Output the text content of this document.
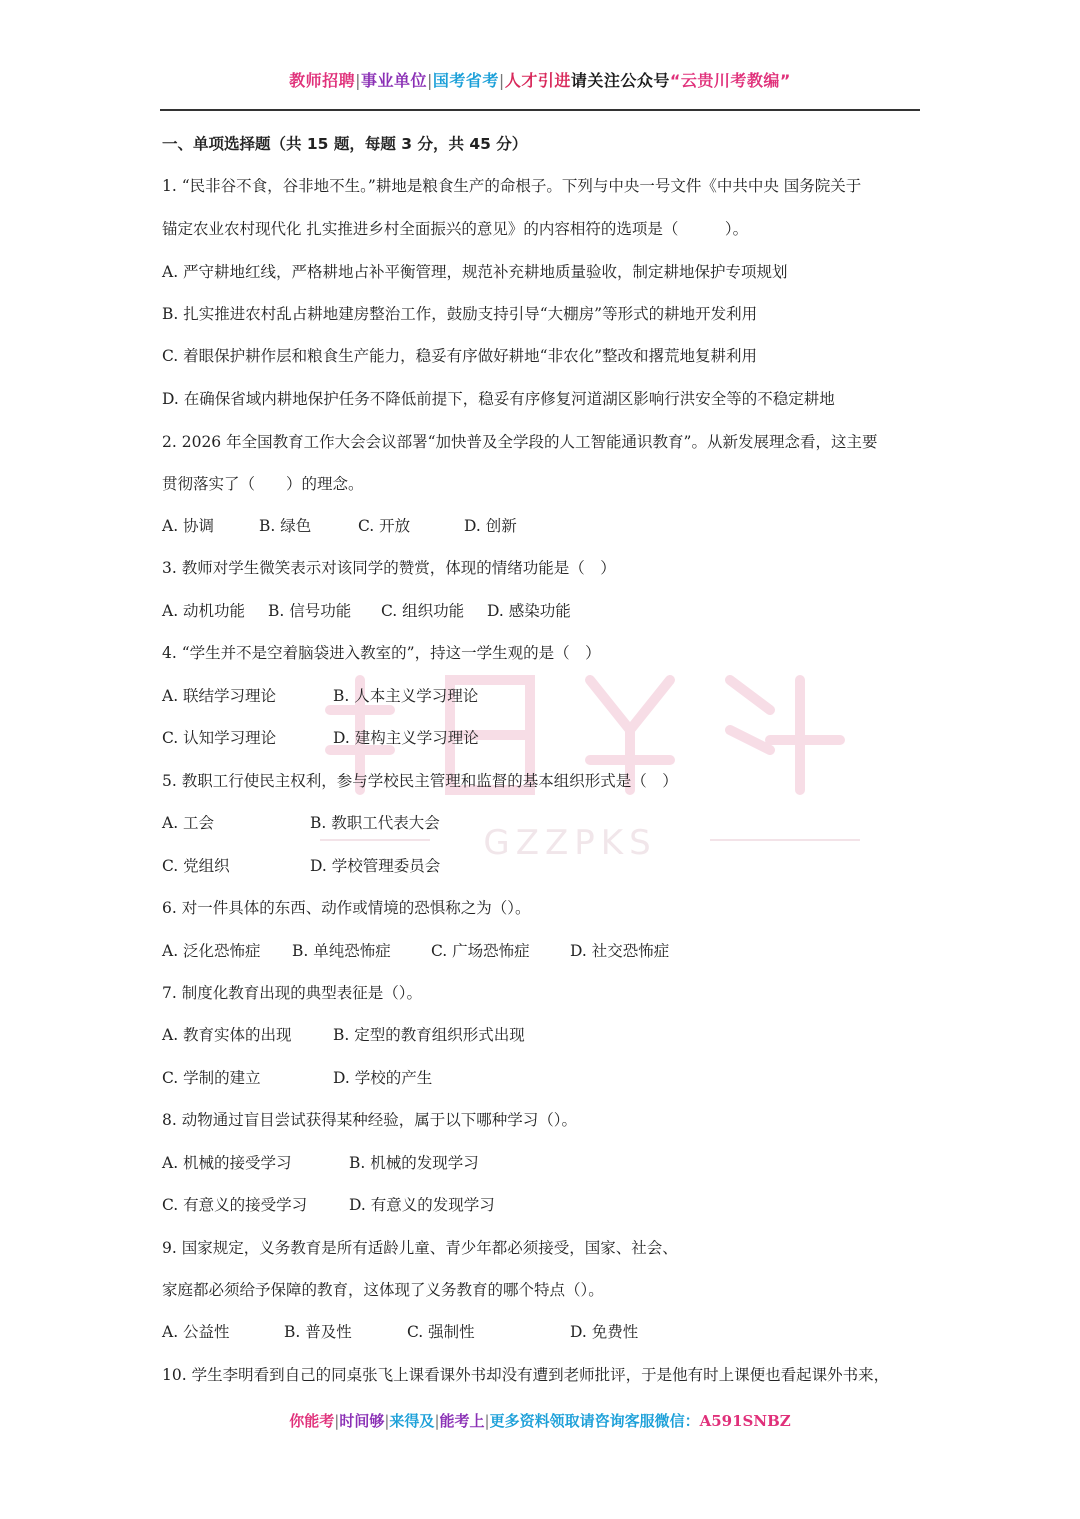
教师招聘|事业单位|国考省考|人才引进请关注公众号“云贵川考教编”
GZZPKS
一、单项选择题（共 15 题，每题 3 分，共 45 分）
1. “民非谷不食，谷非地不生。”耕地是粮食生产的命根子。下列与中央一号文件《中共中央 国务院关于
锚定农业农村现代化 扎实推进乡村全面振兴的意见》的内容相符的选项是（　　　）。
A. 严守耕地红线，严格耕地占补平衡管理，规范补充耕地质量验收，制定耕地保护专项规划
B. 扎实推进农村乱占耕地建房整治工作，鼓励支持引导“大棚房”等形式的耕地开发利用
C. 着眼保护耕作层和粮食生产能力，稳妥有序做好耕地“非农化”整改和撂荒地复耕利用
D. 在确保省域内耕地保护任务不降低前提下，稳妥有序修复河道湖区影响行洪安全等的不稳定耕地
2. 2026 年全国教育工作大会会议部署“加快普及全学段的人工智能通识教育”。从新发展理念看，这主要
贯彻落实了（　　）的理念。
A. 协调	B. 绿色	C. 开放	D. 创新
3. 教师对学生微笑表示对该同学的赞赏，体现的情绪功能是（　）
A. 动机功能 B. 信号功能 C. 组织功能 D. 感染功能
4. “学生并不是空着脑袋进入教室的”，持这一学生观的是（　）
A. 联结学习理论	B. 人本主义学习理论
C. 认知学习理论	D. 建构主义学习理论
5. 教职工行使民主权利，参与学校民主管理和监督的基本组织形式是（　）
A. 工会	B. 教职工代表大会
C. 党组织	D. 学校管理委员会
6. 对一件具体的东西、动作或情境的恐惧称之为（）。
A. 泛化恐怖症 B. 单纯恐怖症	C. 广场恐怖症	D. 社交恐怖症
7. 制度化教育出现的典型表征是（）。
A. 教育实体的出现	B. 定型的教育组织形式出现
C. 学制的建立	D. 学校的产生
8. 动物通过盲目尝试获得某种经验，属于以下哪种学习（）。
A. 机械的接受学习	B. 机械的发现学习
C. 有意义的接受学习	D. 有意义的发现学习
9. 国家规定，义务教育是所有适龄儿童、青少年都必须接受，国家、社会、
家庭都必须给予保障的教育，这体现了义务教育的哪个特点（）。
A. 公益性	B. 普及性	C. 强制性	D. 免费性
10. 学生李明看到自己的同桌张飞上课看课外书却没有遭到老师批评，于是他有时上课便也看起课外书来，
你能考|时间够|来得及|能考上|更多资料领取请咨询客服微信：A591SNBZ
